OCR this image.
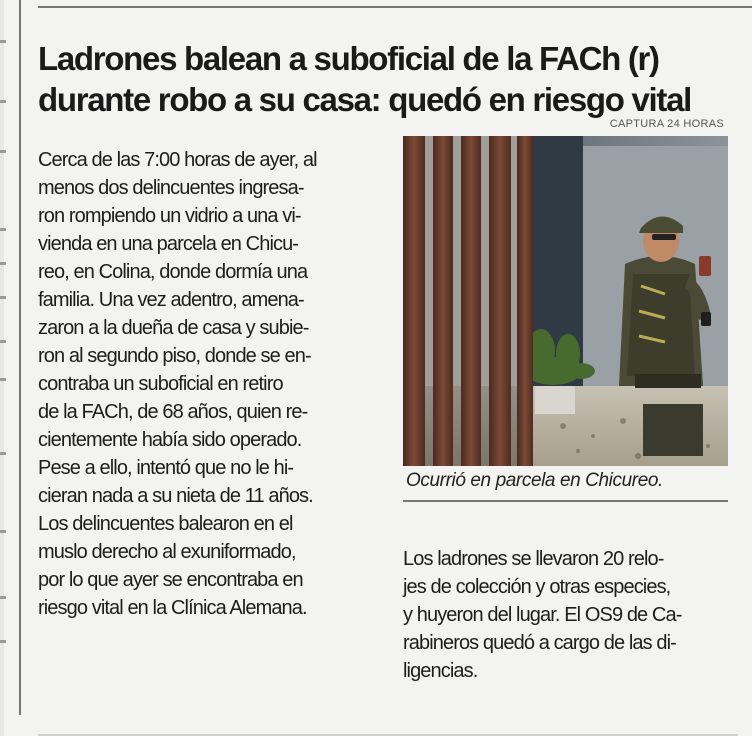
Ladrones balean a suboficial de la FACh (r)
durante robo a su casa: quedó en riesgo vital
CAPTURA 24 HORAS

Ocurrió en parcela en Chicureo.

Cerca de las 7:00 horas de ayer, al
menos dos delincuentes ingresa-
ron rompiendo un vidrio a una vi-
vienda en una parcela en Chicu-
reo, en Colina, donde dormía una
familia. Una vez adentro, amena-
zaron a la dueña de casa y subie-
ron al segundo piso, donde se en-
contraba un suboficial en retiro
de la FACh, de 68 años, quien re-
cientemente había sido operado.
Pese a ello, intentó que no le hi-
cieran nada a su nieta de 11 años.
Los delincuentes balearon en el
muslo derecho al exuniformado,
por lo que ayer se encontraba en
riesgo vital en la Clínica Alemana.
Los ladrones se llevaron 20 relo-
jes de colección y otras especies,
y huyeron del lugar. El OS9 de Ca-
rabineros quedó a cargo de las di-
ligencias.
